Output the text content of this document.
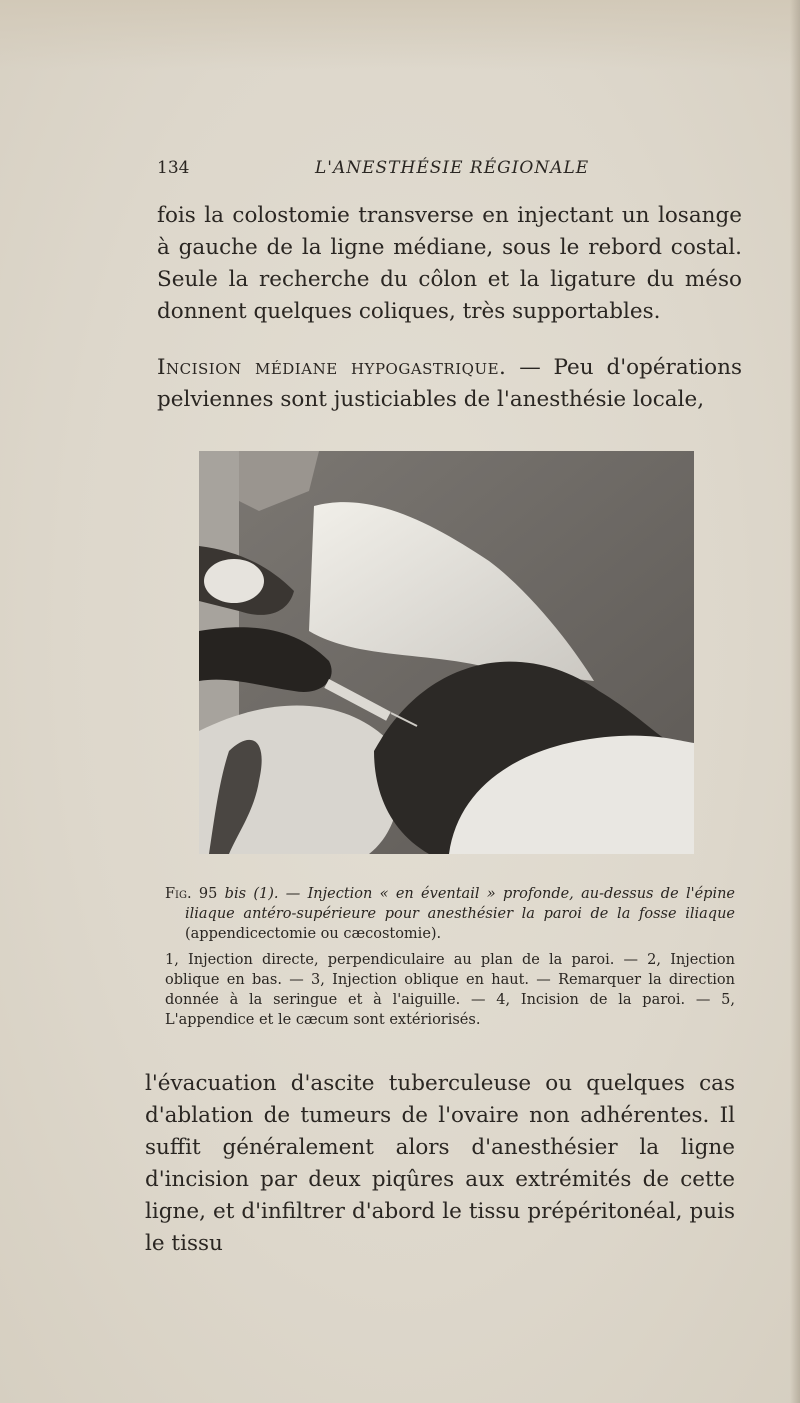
134	L'ANESTHÉSIE RÉGIONALE

fois la colostomie transverse en injectant un losange à gauche de la ligne médiane, sous le rebord costal. Seule la recherche du côlon et la ligature du méso donnent quelques coliques, très supportables.

Incision médiane hypogastrique. — Peu d'opérations pelviennes sont justiciables de l'anesthésie locale,

Fig. 95 bis (1). — Injection « en éventail » profonde, au-dessus de l'épine iliaque antéro-supérieure pour anesthésier la paroi de la fosse iliaque (appendicectomie ou cæcostomie).

1, Injection directe, perpendiculaire au plan de la paroi. — 2, Injection oblique en bas. — 3, Injection oblique en haut. — Remarquer la direction donnée à la seringue et à l'aiguille. — 4, Incision de la paroi. — 5, L'appendice et le cæcum sont extériorisés.

l'évacuation d'ascite tuberculeuse ou quelques cas d'ablation de tumeurs de l'ovaire non adhérentes. Il suffit généralement alors d'anesthésier la ligne d'incision par deux piqûres aux extrémités de cette ligne, et d'infiltrer d'abord le tissu prépéritonéal, puis le tissu
